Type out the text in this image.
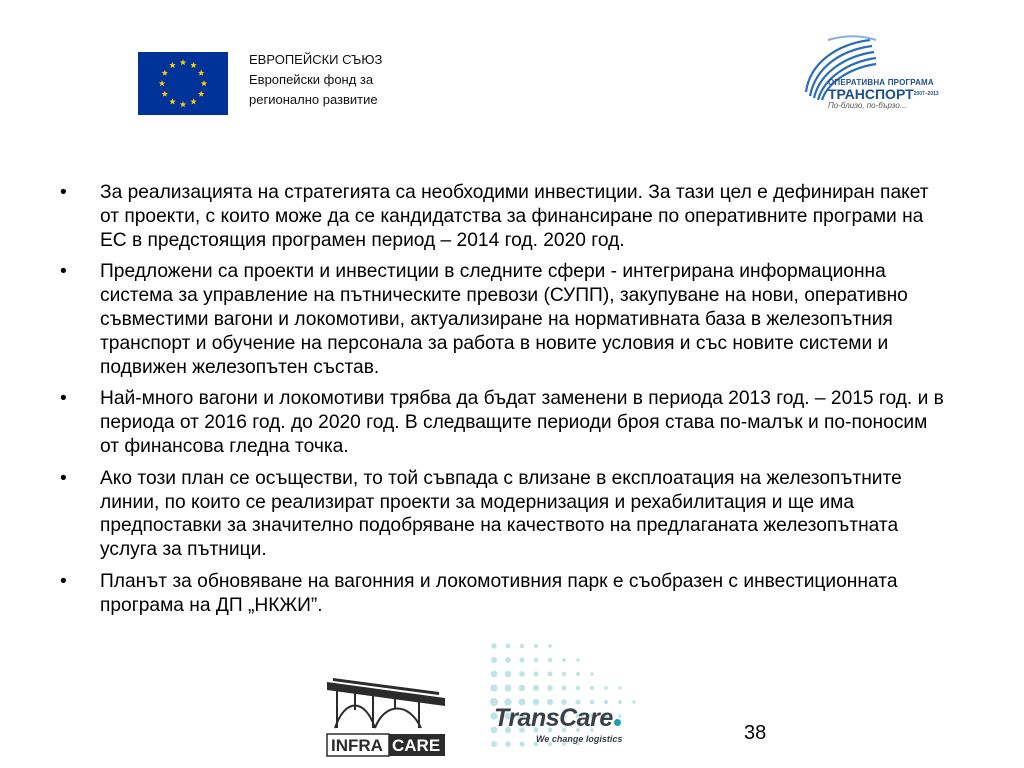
ЕВРОПЕЙСКИ СЪЮЗ
Европейски фонд за
регионално развитие
ОПЕРАТИВНА ПРОГРАМА
$ТРАНСПОРТ^{2007-2013}$
По-близо, по-бързо...
• За реализацията на стратегията са необходими инвестиции. За тази цел е дефиниран пакет от проекти, с които може да се кандидатства за финансиране по оперативните програми на ЕС в предстоящия програмен период – 2014 год. 2020 год.
• Предложени са проекти и инвестиции в следните сфери - интегрирана информационна система за управление на пътническите превози (СУПП), закупуване на нови, оперативно съвместими вагони и локомотиви, актуализиране на нормативната база в железопътния транспорт и обучение на персонала за работа в новите условия и със новите системи и подвижен железопътен състав.
• Най-много вагони и локомотиви трябва да бъдат заменени в периода 2013 год. – 2015 год. и в периода от 2016 год. до 2020 год. В следващите периоди броя става по-малък и по-поносим от финансова гледна точка.
• Ако този план се осъществи, то той съвпада с влизане в експлоатация на железопътните линии, по които се реализират проекти за модернизация и рехабилитация и ще има предпоставки за значително подобряване на качеството на предлаганата железопътната услуга за пътници.
• Планът за обновяване на вагонния и локомотивния парк е съобразен с инвестиционната програма на ДП „НКЖИ”.
INFRA CARE
TransCare
We change logistics	38
